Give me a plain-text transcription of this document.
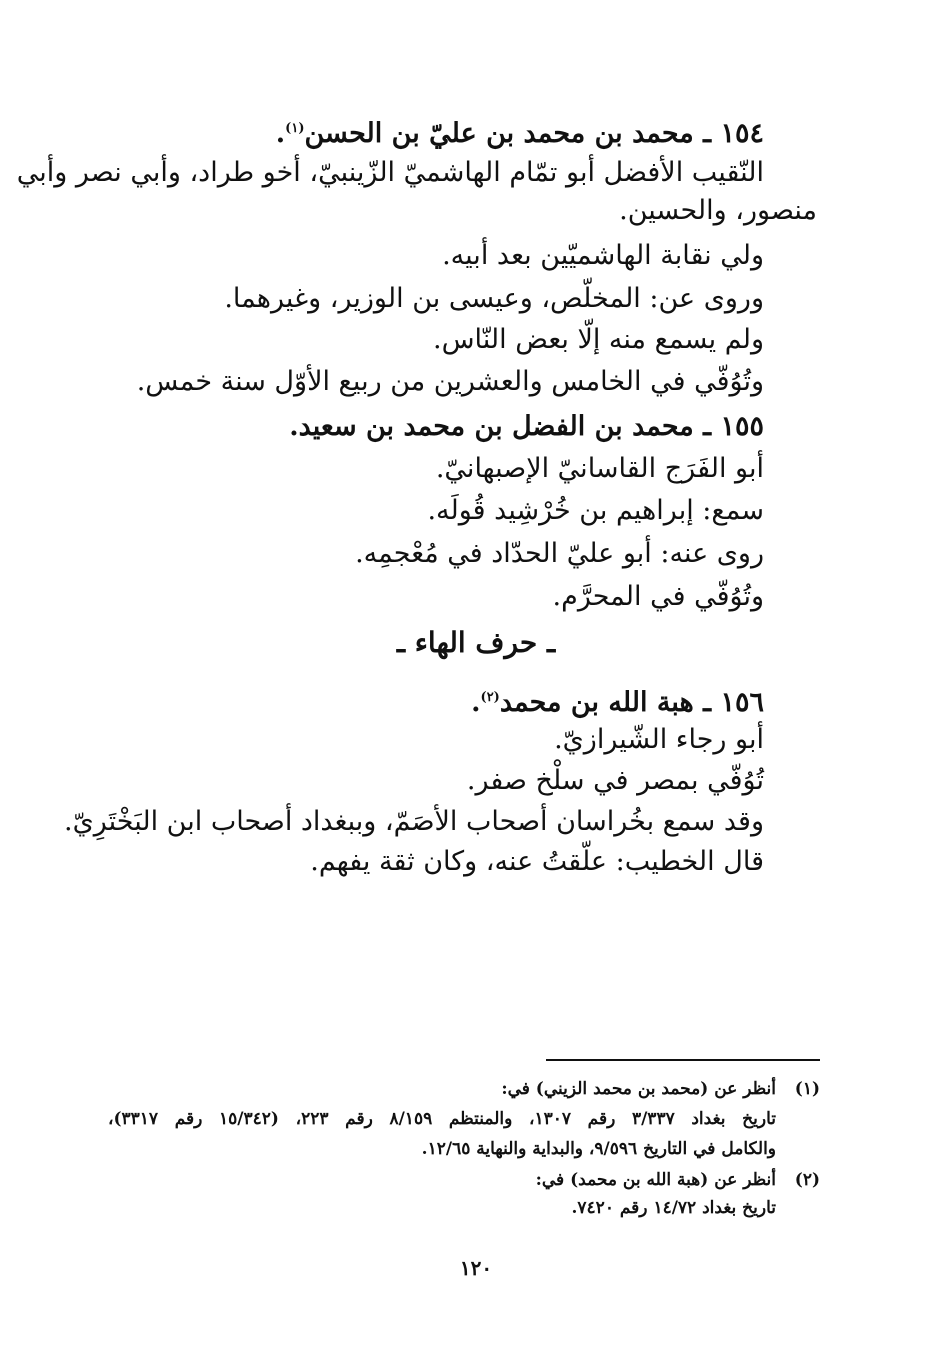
١٥٤ ـ محمد بن محمد بن عليّ بن الحسن$^{(١)}$.
النّقيب الأفضل أبو تمّام الهاشميّ الزّينبيّ، أخو طراد، وأبي نصر وأبي
منصور، والحسين.
ولي نقابة الهاشميّين بعد أبيه.
وروى عن: المخلّص، وعيسى بن الوزير، وغيرهما.
ولم يسمع منه إلّا بعض النّاس.
وتُوُفّي في الخامس والعشرين من ربيع الأوّل سنة خمس.
١٥٥ ـ محمد بن الفضل بن محمد بن سعيد.
أبو الفَرَج القاسانيّ الإصبهانيّ.
سمع: إبراهيم بن خُرْشِيد قُولَه.
روى عنه: أبو عليّ الحدّاد في مُعْجمِه.
وتُوُفّي في المحرَّم.
ـ حرف الهاء ـ
١٥٦ ـ هبة الله بن محمد$^{(٢)}$.
أبو رجاء الشّيرازيّ.
تُوُفّي بمصر في سلْخ صفر.
وقد سمع بخُراسان أصحاب الأصَمّ، وببغداد أصحاب ابن البَخْتَرِيّ.
قال الخطيب: علّقتُ عنه، وكان ثقة يفهم.
(١)
أنظر عن (محمد بن محمد الزيني) في:
تاريخ بغداد ٣/٣٣٧ رقم ١٣٠٧، والمنتظم ٨/١٥٩ رقم ٢٢٣، (١٥/٣٤٢ رقم ٣٣١٧)،
والكامل في التاريخ ٩/٥٩٦، والبداية والنهاية ١٢/٦٥.
(٢)
أنظر عن (هبة الله بن محمد) في:
تاريخ بغداد ١٤/٧٢ رقم ٧٤٢٠.
١٢٠
